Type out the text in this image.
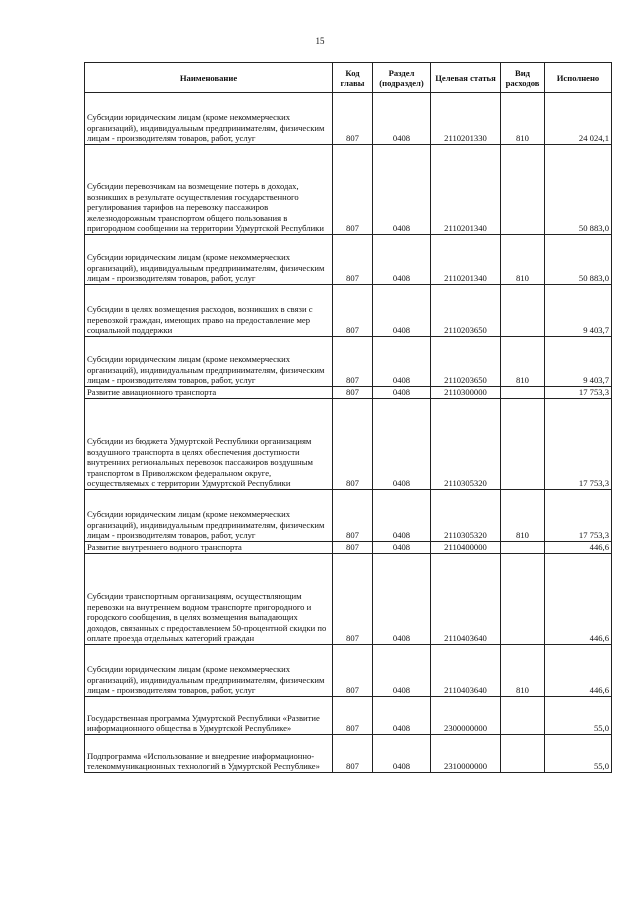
15
Наименование	Код главы	Раздел (подраздел)	Целевая статья	Вид расходов	Исполнено
Субсидии юридическим лицам (кроме некоммерческих организаций), индивидуальным предпринимателям, физическим лицам - производителям товаров, работ, услуг	807	0408	2110201330	810	24 024,1
Субсидии перевозчикам на возмещение потерь в доходах, возникших в результате осуществления государственного регулирования тарифов на перевозку пассажиров железнодорожным транспортом общего пользования в пригородном сообщении на территории Удмуртской Республики	807	0408	2110201340		50 883,0
Субсидии юридическим лицам (кроме некоммерческих организаций), индивидуальным предпринимателям, физическим лицам - производителям товаров, работ, услуг	807	0408	2110201340	810	50 883,0
Субсидии в целях возмещения расходов, возникших в связи с перевозкой граждан, имеющих право на предоставление мер социальной поддержки	807	0408	2110203650		9 403,7
Субсидии юридическим лицам (кроме некоммерческих организаций), индивидуальным предпринимателям, физическим лицам - производителям товаров, работ, услуг	807	0408	2110203650	810	9 403,7
Развитие авиационного транспорта	807	0408	2110300000		17 753,3
Субсидии из бюджета Удмуртской Республики организациям воздушного транспорта в целях обеспечения доступности внутренних региональных перевозок пассажиров воздушным транспортом в Приволжском федеральном округе, осуществляемых с территории Удмуртской Республики	807	0408	2110305320		17 753,3
Субсидии юридическим лицам (кроме некоммерческих организаций), индивидуальным предпринимателям, физическим лицам - производителям товаров, работ, услуг	807	0408	2110305320	810	17 753,3
Развитие внутреннего водного транспорта	807	0408	2110400000		446,6
Субсидии транспортным организациям, осуществляющим перевозки на внутреннем водном транспорте пригородного и городского сообщения, в целях возмещения выпадающих доходов, связанных с предоставлением 50-процентной скидки по оплате проезда отдельных категорий граждан	807	0408	2110403640		446,6
Субсидии юридическим лицам (кроме некоммерческих организаций), индивидуальным предпринимателям, физическим лицам - производителям товаров, работ, услуг	807	0408	2110403640	810	446,6
Государственная программа Удмуртской Республики «Развитие информационного общества в Удмуртской Республике»	807	0408	2300000000		55,0
Подпрограмма «Использование и внедрение информационно-телекоммуникационных технологий в Удмуртской Республике»	807	0408	2310000000		55,0
